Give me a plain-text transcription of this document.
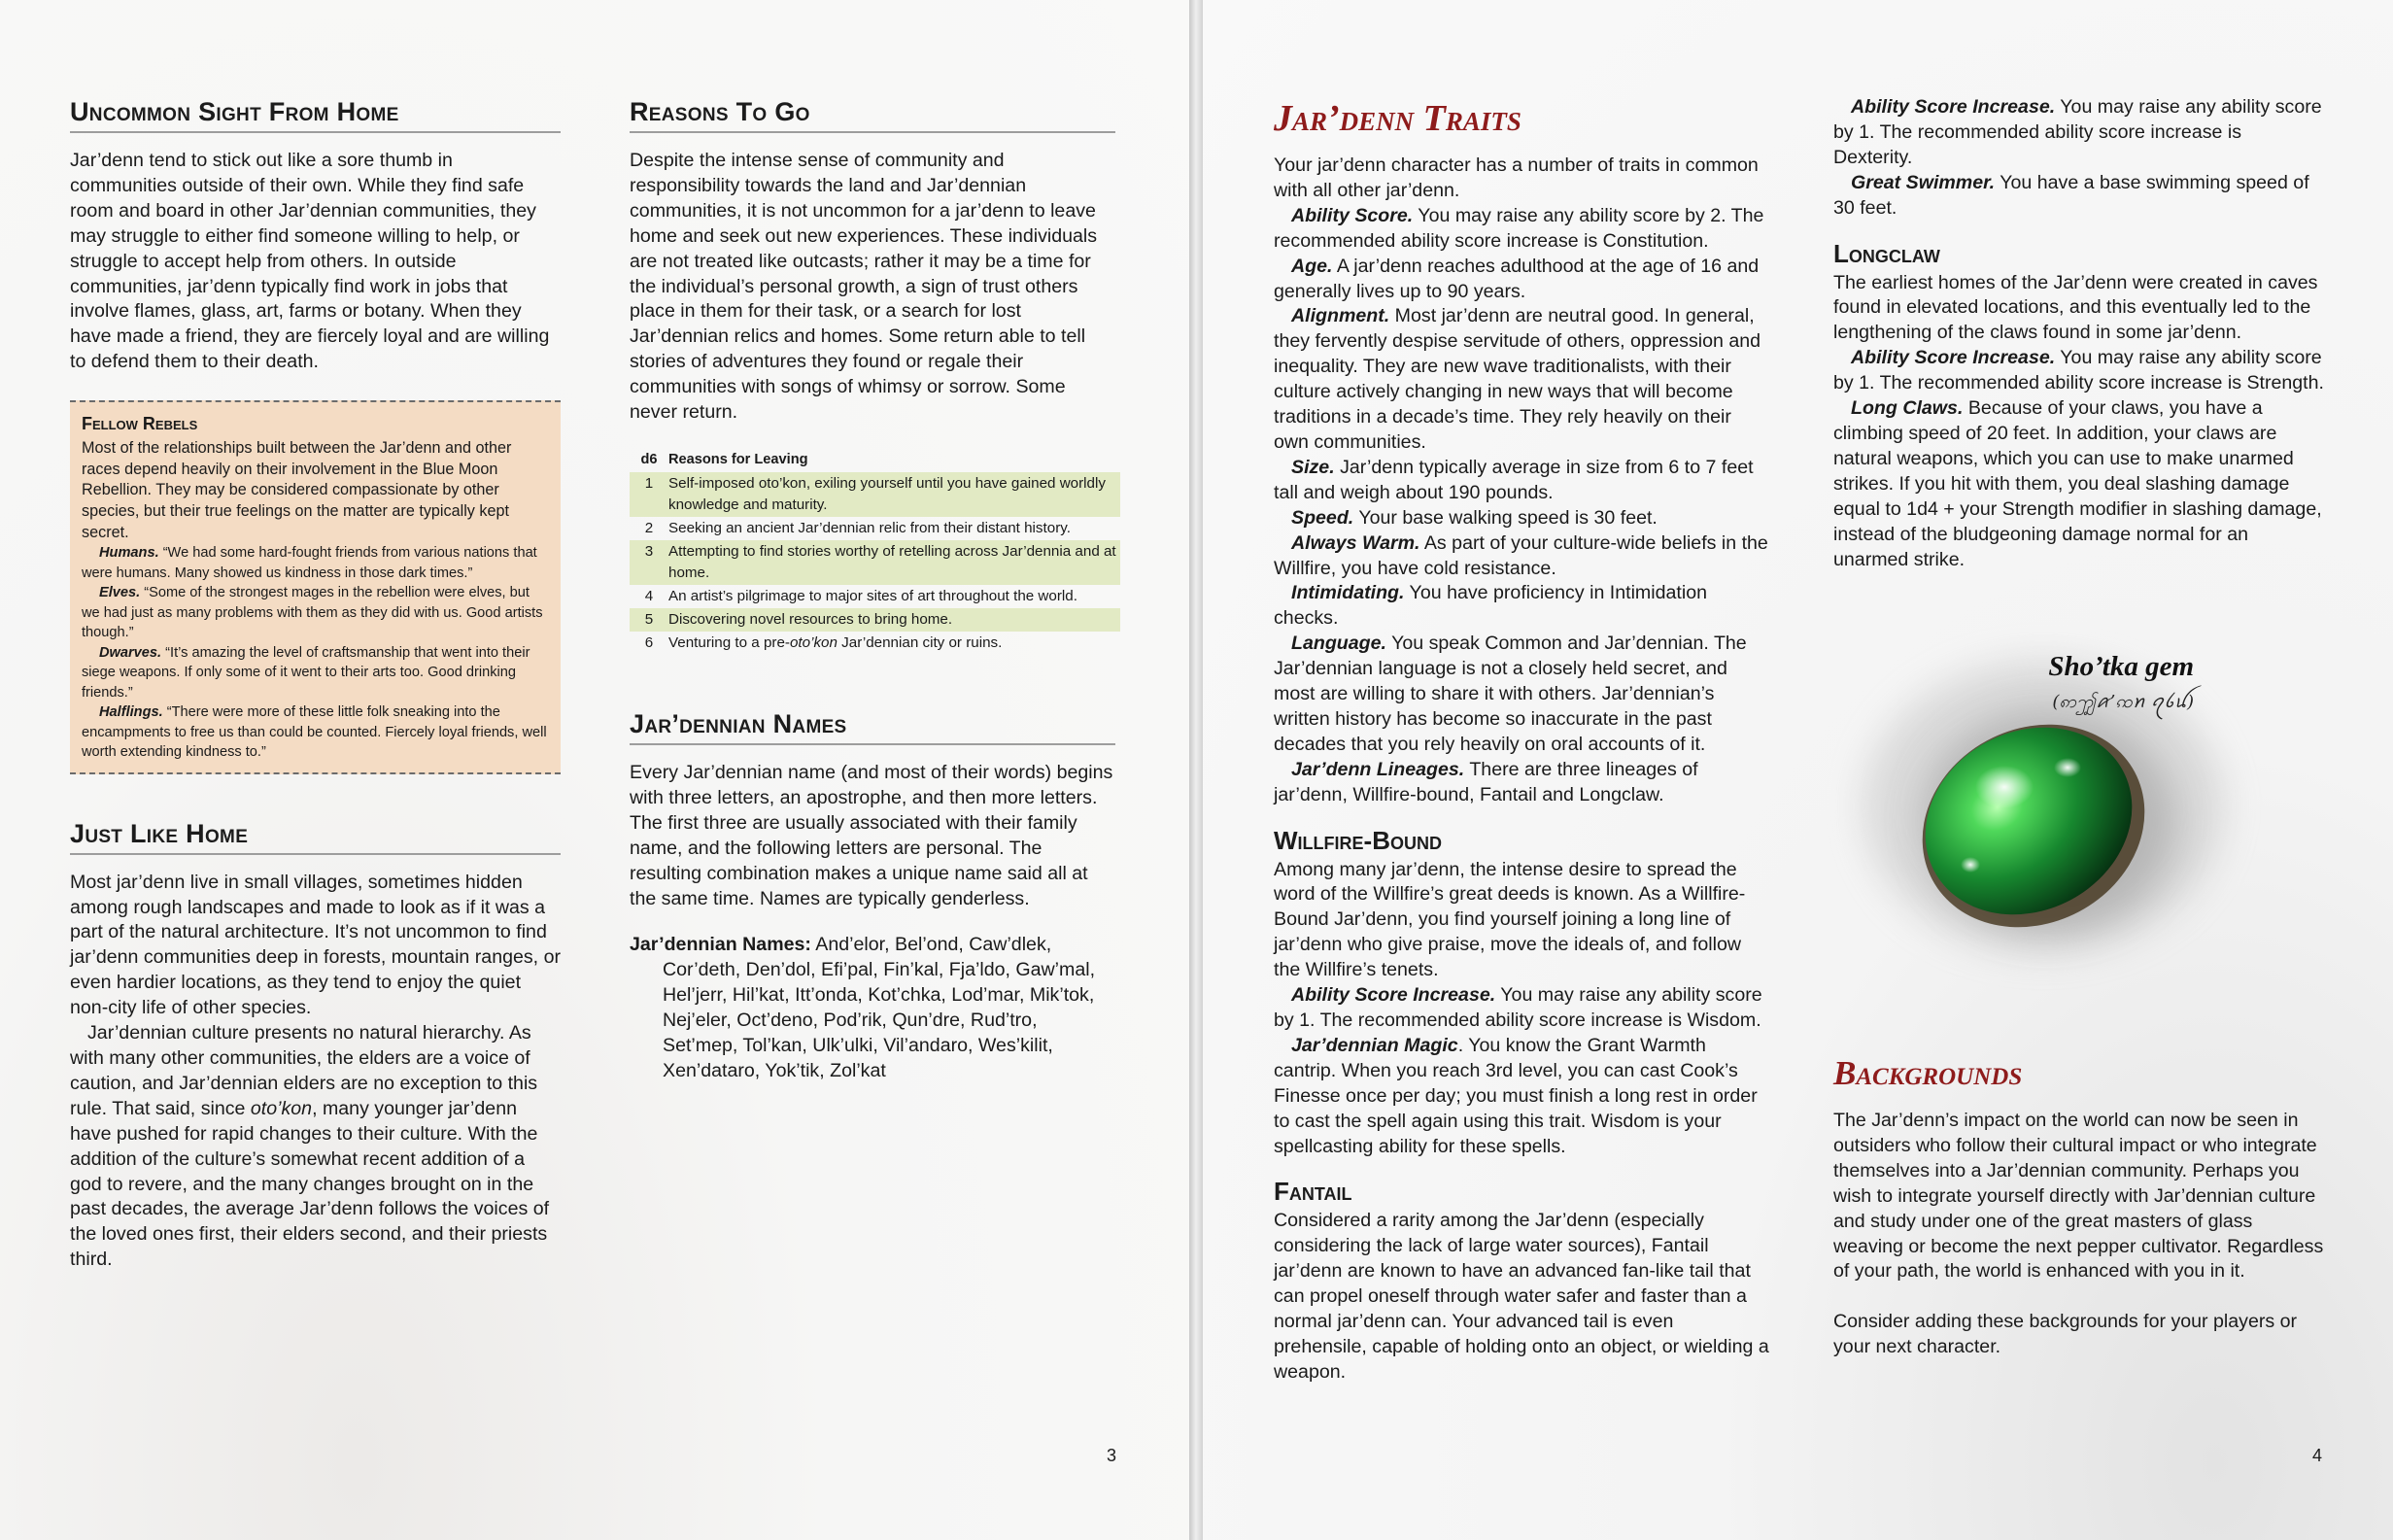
Uncommon Sight From Home

Jar’denn tend to stick out like a sore thumb in communities outside of their own. While they find safe room and board in other Jar’dennian communities, they may struggle to either find someone willing to help, or struggle to accept help from others. In outside communities, jar’denn typically find work in jobs that involve flames, glass, art, farms or botany. When they have made a friend, they are fiercely loyal and are willing to defend them to their death.

Fellow Rebels
Most of the relationships built between the Jar’denn and other races depend heavily on their involvement in the Blue Moon Rebellion. They may be considered compassionate by other species, but their true feelings on the matter are typically kept secret.
Humans. “We had some hard-fought friends from various nations that were humans. Many showed us kindness in those dark times.”
Elves. “Some of the strongest mages in the rebellion were elves, but we had just as many problems with them as they did with us. Good artists though.”
Dwarves. “It’s amazing the level of craftsmanship that went into their siege weapons. If only some of it went to their arts too. Good drinking friends.”
Halflings. “There were more of these little folk sneaking into the encampments to free us than could be counted. Fiercely loyal friends, well worth extending kindness to.”
Just Like Home

Most jar’denn live in small villages, sometimes hidden among rough landscapes and made to look as if it was a part of the natural architecture. It’s not uncommon to find jar’denn communities deep in forests, mountain ranges, or even hardier locations, as they tend to enjoy the quiet non-city life of other species.

Jar’dennian culture presents no natural hierarchy. As with many other communities, the elders are a voice of caution, and Jar’dennian elders are no exception to this rule. That said, since oto’kon, many younger jar’denn have pushed for rapid changes to their culture. With the addition of the culture’s somewhat recent addition of a god to revere, and the many changes brought on in the past decades, the average Jar’denn follows the voices of the loved ones first, their elders second, and their priests third.

Reasons To Go

Despite the intense sense of community and responsibility towards the land and Jar’dennian communities, it is not uncommon for a jar’denn to leave home and seek out new experiences. These individuals are not treated like outcasts; rather it may be a time for the individual’s personal growth, a sign of trust others place in them for their task, or a search for lost Jar’dennian relics and homes. Some return able to tell stories of adventures they found or regale their communities with songs of whimsy or sorrow. Some never return.

d6	Reasons for Leaving
1	Self-imposed oto’kon, exiling yourself until you have gained worldly knowledge and maturity.
2	Seeking an ancient Jar’dennian relic from their distant history.
3	Attempting to find stories worthy of retelling across Jar’dennia and at home.
4	An artist’s pilgrimage to major sites of art throughout the world.
5	Discovering novel resources to bring home.
6	Venturing to a pre-oto’kon Jar’dennian city or ruins.
Jar’dennian Names

Every Jar’dennian name (and most of their words) begins with three letters, an apostrophe, and then more letters. The first three are usually associated with their family name, and the following letters are personal. The resulting combination makes a unique name said all at the same time. Names are typically genderless.

Jar’dennian Names: And’elor, Bel’ond, Caw’dlek, Cor’deth, Den’dol, Efi’pal, Fin’kal, Fja’ldo, Gaw’mal, Hel’jerr, Hil’kat, Itt’onda, Kot’chka, Lod’mar, Mik’tok, Nej’eler, Oct’deno, Pod’rik, Qun’dre, Rud’tro, Set’mep, Tol’kan, Ulk’ulki, Vil’andaro, Wes’kilit, Xen’dataro, Yok’tik, Zol’kat
3
Jar’denn Traits

Your jar’denn character has a number of traits in common with all other jar’denn.

Ability Score. You may raise any ability score by 2. The recommended ability score increase is Constitution.

Age. A jar’denn reaches adulthood at the age of 16 and generally lives up to 90 years.

Alignment. Most jar’denn are neutral good. In general, they fervently despise servitude of others, oppression and inequality. They are new wave traditionalists, with their culture actively changing in new ways that will become traditions in a decade’s time. They rely heavily on their own communities.

Size. Jar’denn typically average in size from 6 to 7 feet tall and weigh about 190 pounds.

Speed. Your base walking speed is 30 feet.

Always Warm. As part of your culture-wide beliefs in the Willfire, you have cold resistance.

Intimidating. You have proficiency in Intimidation checks.

Language. You speak Common and Jar’dennian. The Jar’dennian language is not a closely held secret, and most are willing to share it with others. Jar’dennian’s written history has become so inaccurate in the past decades that you rely heavily on oral accounts of it.

Jar’denn Lineages. There are three lineages of jar’denn, Willfire-bound, Fantail and Longclaw.

Willfire-Bound

Among many jar’denn, the intense desire to spread the word of the Willfire’s great deeds is known. As a Willfire-Bound Jar’denn, you find yourself joining a long line of jar’denn who give praise, move the ideals of, and follow the Willfire’s tenets.

Ability Score Increase. You may raise any ability score by 1. The recommended ability score increase is Wisdom.

Jar’dennian Magic. You know the Grant Warmth cantrip. When you reach 3rd level, you can cast Cook’s Finesse once per day; you must finish a long rest in order to cast the spell again using this trait. Wisdom is your spellcasting ability for these spells.

Fantail

Considered a rarity among the Jar’denn (especially considering the lack of large water sources), Fantail jar’denn are known to have an advanced fan-like tail that can propel oneself through water safer and faster than a normal jar’denn can. Your advanced tail is even prehensile, capable of holding onto an object, or wielding a weapon.

Ability Score Increase. You may raise any ability score by 1. The recommended ability score increase is Dexterity.

Great Swimmer. You have a base swimming speed of 30 feet.

Longclaw

The earliest homes of the Jar’denn were created in caves found in elevated locations, and this eventually led to the lengthening of the claws found in some jar’denn.

Ability Score Increase. You may raise any ability score by 1. The recommended ability score increase is Strength.

Long Claws. Because of your claws, you have a climbing speed of 20 feet. In addition, your claws are natural weapons, which you can use to make unarmed strikes. If you hit with them, you deal slashing damage equal to 1d4 + your Strength modifier in slashing damage, instead of the bludgeoning damage normal for an unarmed strike.

Sho’tka gem
(ꩱꩶꪁ’ꩡꪀ ꪖꪉꪊ)
Backgrounds

The Jar’denn’s impact on the world can now be seen in outsiders who follow their cultural impact or who integrate themselves into a Jar’dennian community. Perhaps you wish to integrate yourself directly with Jar’dennian culture and study under one of the great masters of glass weaving or become the next pepper cultivator. Regardless of your path, the world is enhanced with you in it.

Consider adding these backgrounds for your players or your next character.

4
